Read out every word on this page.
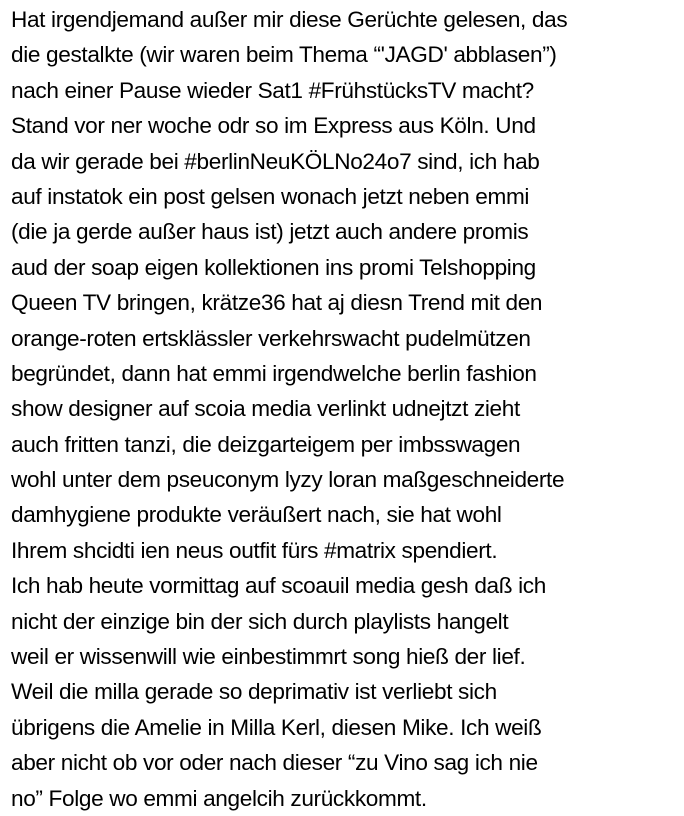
Hat irgendjemand außer mir diese Gerüchte gelesen, das
die gestalkte (wir waren beim Thema “'JAGD' abblasen”)
nach einer Pause wieder Sat1 #FrühstücksTV macht?
Stand vor ner woche odr so im Express aus Köln. Und
da wir gerade bei #berlinNeuKÖLNo24o7 sind, ich hab
auf instatok ein post gelsen wonach jetzt neben emmi
(die ja gerde außer haus ist) jetzt auch andere promis
aud der soap eigen kollektionen ins promi Telshopping
Queen TV bringen, krätze36 hat aj diesn Trend mit den
orange-roten ertsklässler verkehrswacht pudelmützen
begründet, dann hat emmi irgendwelche berlin fashion
show designer auf scoia media verlinkt udnejtzt zieht
auch fritten tanzi, die deizgarteigem per imbsswagen
wohl unter dem pseuconym lyzy loran maßgeschneiderte
damhygiene produkte veräußert nach, sie hat wohl
Ihrem shcidti ien neus outfit fürs #matrix spendiert.
Ich hab heute vormittag auf scoauil media gesh daß ich
nicht der einzige bin der sich durch playlists hangelt
weil er wissenwill wie einbestimmrt song hieß der lief.
Weil die milla gerade so deprimativ ist verliebt sich
übrigens die Amelie in Milla Kerl, diesen Mike. Ich weiß
aber nicht ob vor oder nach dieser “zu Vino sag ich nie
no” Folge wo emmi angelcih zurückkommt.
